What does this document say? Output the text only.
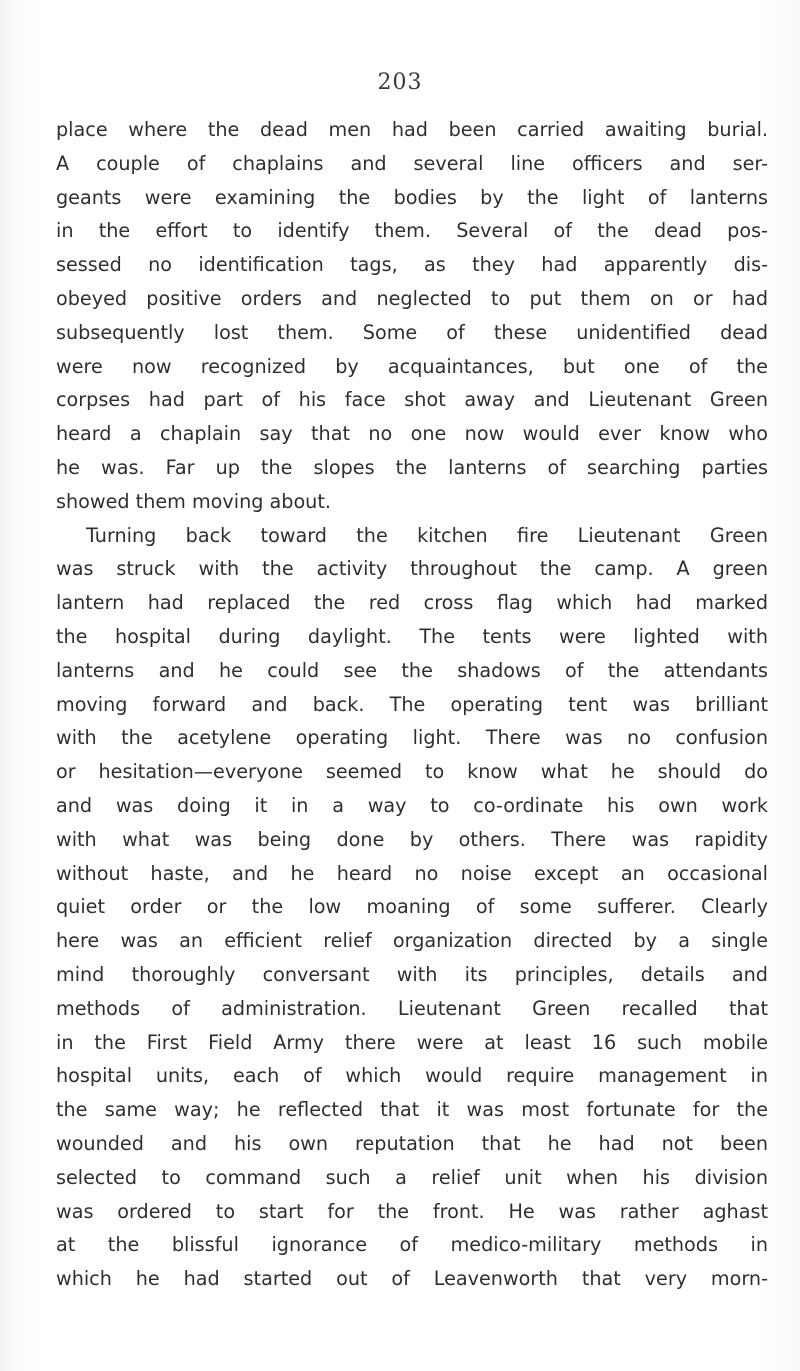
203
place where the dead men had been carried awaiting burial.
A couple of chaplains and several line officers and ser-
geants were examining the bodies by the light of lanterns
in the effort to identify them. Several of the dead pos-
sessed no identification tags, as they had apparently dis-
obeyed positive orders and neglected to put them on or had
subsequently lost them. Some of these unidentified dead
were now recognized by acquaintances, but one of the
corpses had part of his face shot away and Lieutenant Green
heard a chaplain say that no one now would ever know who
he was. Far up the slopes the lanterns of searching parties
showed them moving about.
Turning back toward the kitchen fire Lieutenant Green
was struck with the activity throughout the camp. A green
lantern had replaced the red cross flag which had marked
the hospital during daylight. The tents were lighted with
lanterns and he could see the shadows of the attendants
moving forward and back. The operating tent was brilliant
with the acetylene operating light. There was no confusion
or hesitation—everyone seemed to know what he should do
and was doing it in a way to co-ordinate his own work
with what was being done by others. There was rapidity
without haste, and he heard no noise except an occasional
quiet order or the low moaning of some sufferer. Clearly
here was an efficient relief organization directed by a single
mind thoroughly conversant with its principles, details and
methods of administration. Lieutenant Green recalled that
in the First Field Army there were at least 16 such mobile
hospital units, each of which would require management in
the same way; he reflected that it was most fortunate for the
wounded and his own reputation that he had not been
selected to command such a relief unit when his division
was ordered to start for the front. He was rather aghast
at the blissful ignorance of medico-military methods in
which he had started out of Leavenworth that very morn-
